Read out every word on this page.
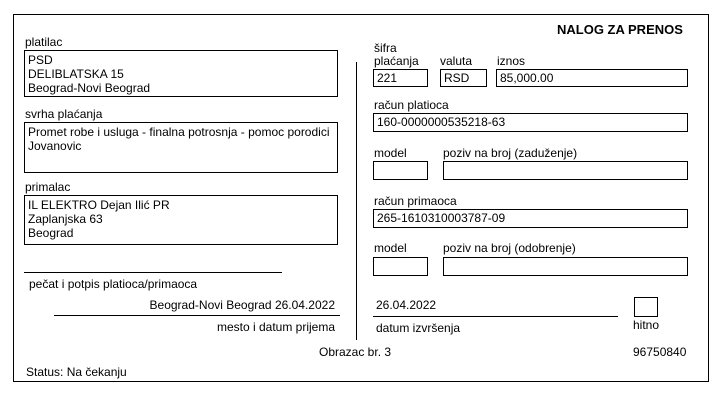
NALOG ZA PRENOS
platilac
PSD
DELIBLATSKA 15
Beograd-Novi Beograd
svrha plaćanja
Promet robe i usluga - finalna potrosnja - pomoc porodici
Jovanovic
primalac
IL ELEKTRO Dejan Ilić PR
Zaplanjska 63
Beograd
pečat i potpis platioca/primaoca
Beograd-Novi Beograd 26.04.2022
mesto i datum prijema
šifra
plaćanja valuta iznos
221	RSD	85,000.00
račun platioca
160-0000000535218-63
model	poziv na broj (zaduženje)
račun primaoca
265-1610310003787-09
model	poziv na broj (odobrenje)
26.04.2022
datum izvršenja	hitno
Obrazac br. 3	96750840
Status: Na čekanju
